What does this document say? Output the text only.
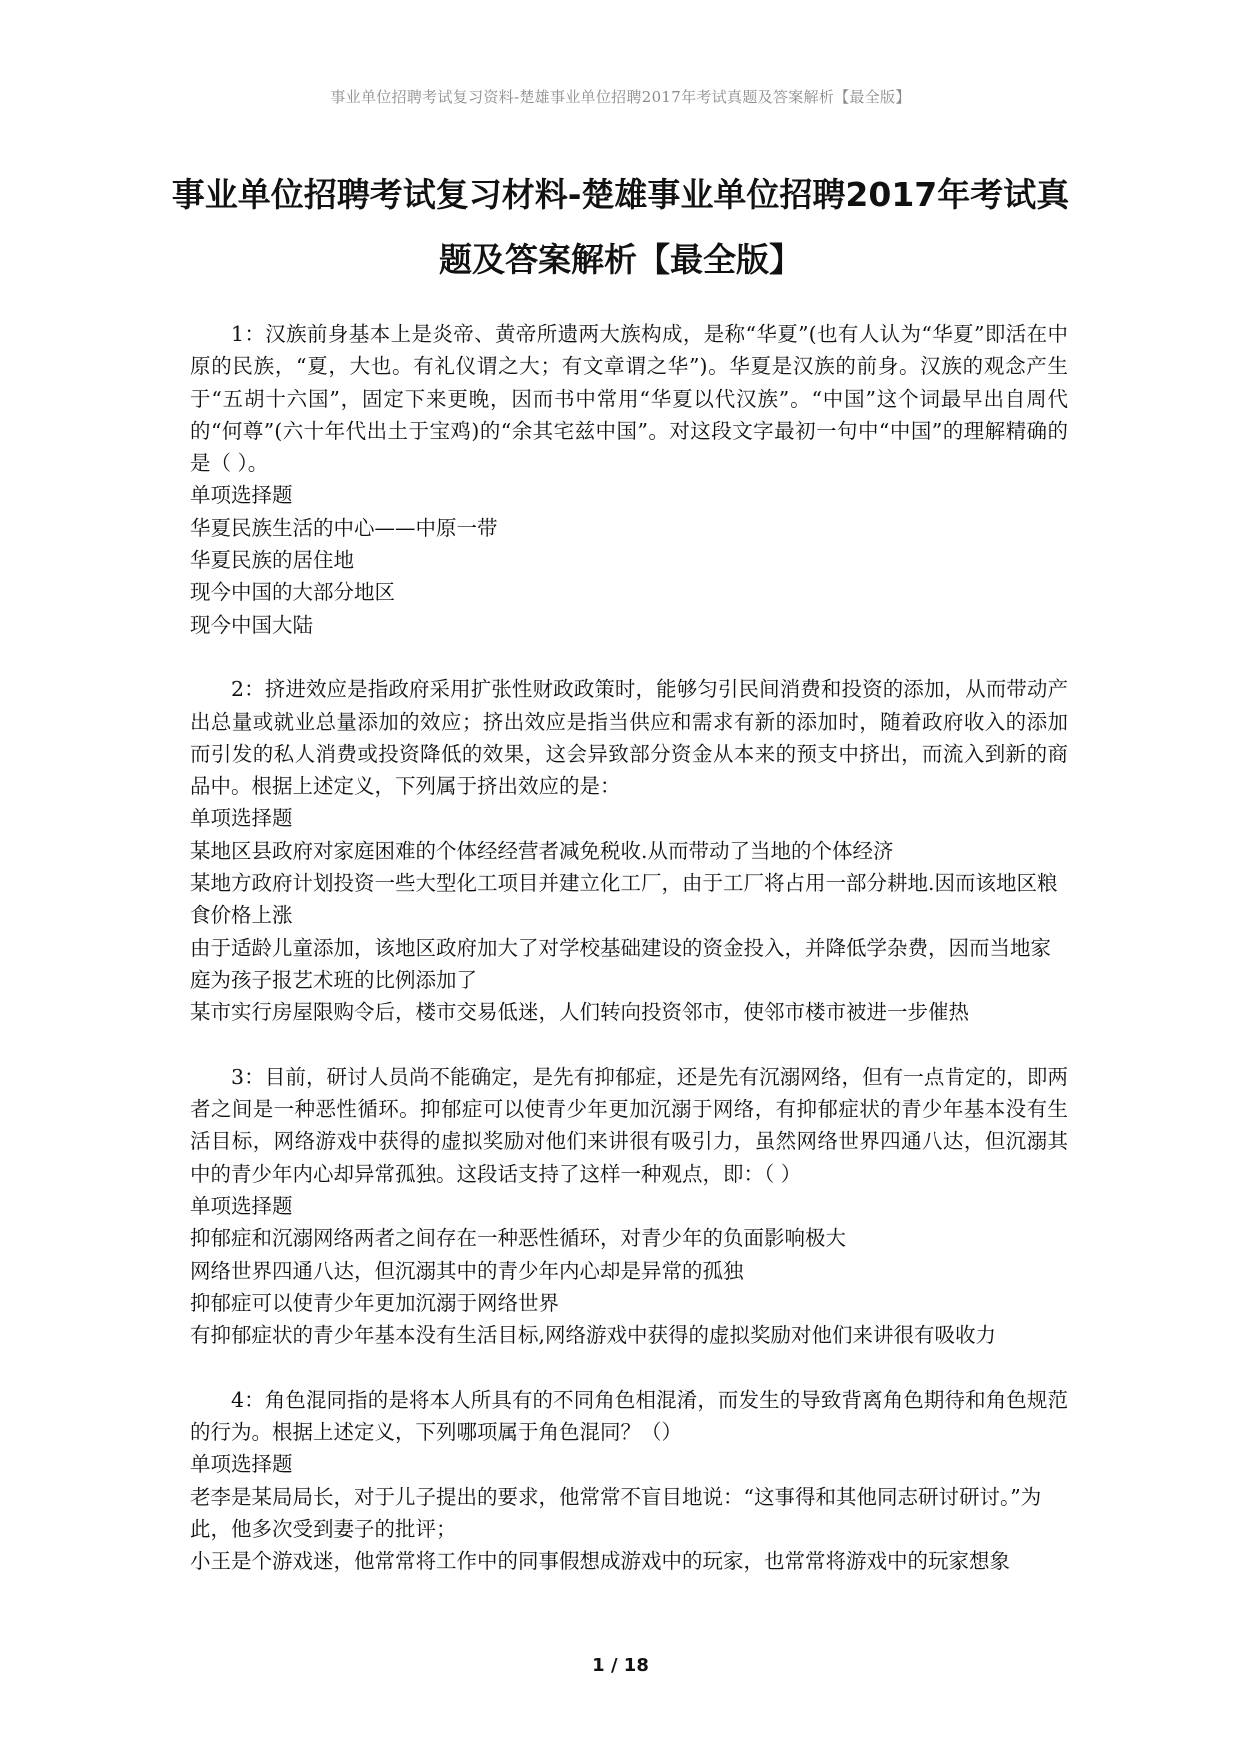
事业单位招聘考试复习资料-楚雄事业单位招聘2017年考试真题及答案解析【最全版】
事业单位招聘考试复习材料-楚雄事业单位招聘2017年考试真题及答案解析【最全版】

1：汉族前身基本上是炎帝、黄帝所遗两大族构成，是称“华夏”(也有人认为“华夏”即活在中原的民族，“夏，大也。有礼仪谓之大；有文章谓之华”)。华夏是汉族的前身。汉族的观念产生于“五胡十六国”，固定下来更晚，因而书中常用“华夏以代汉族”。“中国”这个词最早出自周代的“何尊”(六十年代出土于宝鸡)的“余其宅兹中国”。对这段文字最初一句中“中国”的理解精确的是（ ）。

单项选择题

华夏民族生活的中心——中原一带

华夏民族的居住地

现今中国的大部分地区

现今中国大陆

2：挤进效应是指政府采用扩张性财政政策时，能够匀引民间消费和投资的添加，从而带动产出总量或就业总量添加的效应；挤出效应是指当供应和需求有新的添加时，随着政府收入的添加而引发的私人消费或投资降低的效果，这会异致部分资金从本来的预支中挤出，而流入到新的商品中。根据上述定义，下列属于挤出效应的是：

单项选择题

某地区县政府对家庭困难的个体经经营者减免税收.从而带动了当地的个体经济

某地方政府计划投资一些大型化工项目并建立化工厂，由于工厂将占用一部分耕地.因而该地区粮食价格上涨

由于适龄儿童添加，该地区政府加大了对学校基础建设的资金投入，并降低学杂费，因而当地家庭为孩子报艺术班的比例添加了

某市实行房屋限购令后，楼市交易低迷，人们转向投资邻市，使邻市楼市被进一步催热

3：目前，研讨人员尚不能确定，是先有抑郁症，还是先有沉溺网络，但有一点肯定的，即两者之间是一种恶性循环。抑郁症可以使青少年更加沉溺于网络，有抑郁症状的青少年基本没有生活目标，网络游戏中获得的虚拟奖励对他们来讲很有吸引力，虽然网络世界四通八达，但沉溺其中的青少年内心却异常孤独。这段话支持了这样一种观点，即：（ ）

单项选择题

抑郁症和沉溺网络两者之间存在一种恶性循环，对青少年的负面影响极大

网络世界四通八达，但沉溺其中的青少年内心却是异常的孤独

抑郁症可以使青少年更加沉溺于网络世界

有抑郁症状的青少年基本没有生活目标,网络游戏中获得的虚拟奖励对他们来讲很有吸收力

4：角色混同指的是将本人所具有的不同角色相混淆，而发生的导致背离角色期待和角色规范的行为。根据上述定义，下列哪项属于角色混同？（）

单项选择题

老李是某局局长，对于儿子提出的要求，他常常不盲目地说：“这事得和其他同志研讨研讨。”为此，他多次受到妻子的批评；

小王是个游戏迷，他常常将工作中的同事假想成游戏中的玩家，也常常将游戏中的玩家想象

1 / 18
